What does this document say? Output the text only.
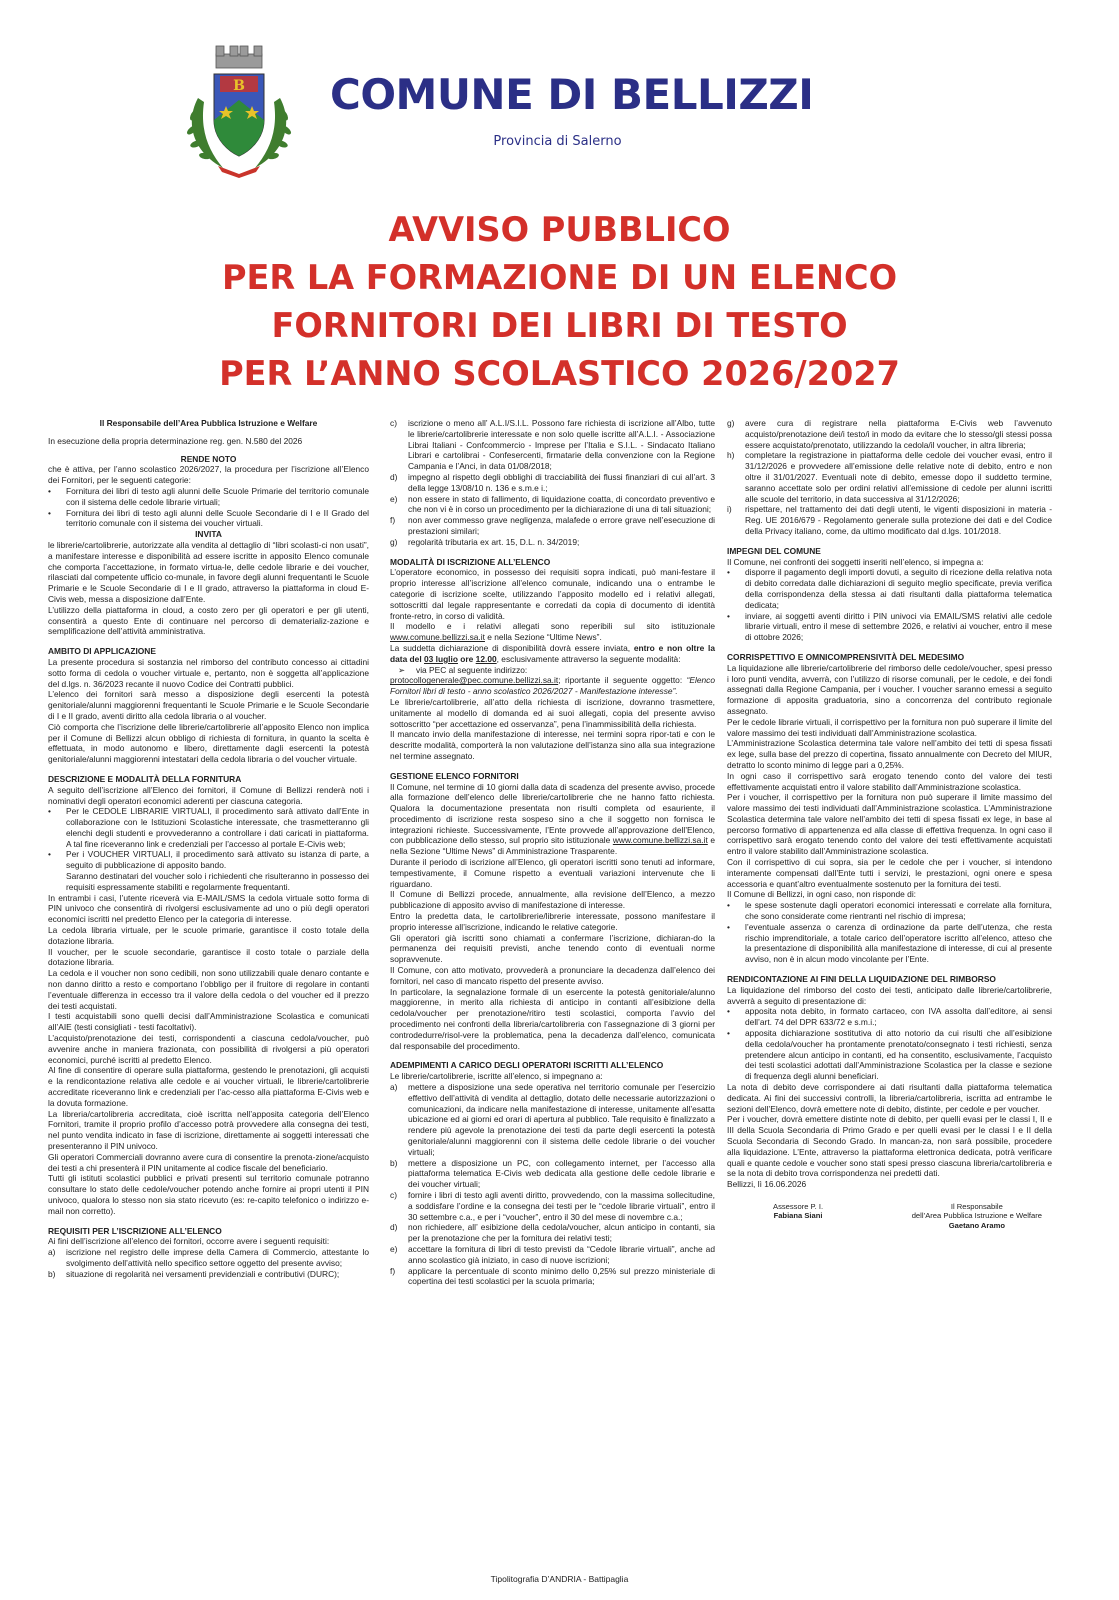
B COMUNE DI BELLIZZI
Provincia di Salerno
AVVISO PUBBLICO
PER LA FORMAZIONE DI UN ELENCO
FORNITORI DEI LIBRI DI TESTO
PER L’ANNO SCOLASTICO 2026/2027

Il Responsabile dell’Area Pubblica Istruzione e Welfare

In esecuzione della propria determinazione reg. gen. N.580 del 2026

RENDE NOTO

che è attiva, per l’anno scolastico 2026/2027, la procedura per l’iscrizione all’Elenco dei Fornitori, per le seguenti categorie:

•	Fornitura dei libri di testo agli alunni delle Scuole Primarie del territorio comunale con il sistema delle cedole librarie virtuali;
•	Fornitura dei libri di testo agli alunni delle Scuole Secondarie di I e II Grado del territorio comunale con il sistema dei voucher virtuali.

INVITA

le librerie/cartolibrerie, autorizzate alla vendita al dettaglio di “libri scolasti-ci non usati”, a manifestare interesse e disponibilità ad essere iscritte in apposito Elenco comunale che comporta l’accettazione, in formato virtua-le, delle cedole librarie e dei voucher, rilasciati dal competente ufficio co-munale, in favore degli alunni frequentanti le Scuole Primarie e le Scuole Secondarie di I e II grado, attraverso la piattaforma in cloud E-Civis web, messa a disposizione dall’Ente.

L’utilizzo della piattaforma in cloud, a costo zero per gli operatori e per gli utenti, consentirà a questo Ente di continuare nel percorso di dematerializ-zazione e semplificazione dell’attività amministrativa.

AMBITO DI APPLICAZIONE

La presente procedura si sostanzia nel rimborso del contributo concesso ai cittadini sotto forma di cedola o voucher virtuale e, pertanto, non è soggetta all’applicazione del d.lgs. n. 36/2023 recante il nuovo Codice dei Contratti pubblici.

L’elenco dei fornitori sarà messo a disposizione degli esercenti la potestà genitoriale/alunni maggiorenni frequentanti le Scuole Primarie e le Scuole Secondarie di I e II grado, aventi diritto alla cedola libraria o al voucher.

Ciò comporta che l’iscrizione delle librerie/cartolibrerie all’apposito Elenco non implica per il Comune di Bellizzi alcun obbligo di richiesta di fornitura, in quanto la scelta è effettuata, in modo autonomo e libero, direttamente dagli esercenti la potestà genitoriale/alunni maggiorenni intestatari della cedola libraria o del voucher virtuale.

DESCRIZIONE E MODALITÀ DELLA FORNITURA

A seguito dell’iscrizione all’Elenco dei fornitori, il Comune di Bellizzi renderà noti i nominativi degli operatori economici aderenti per ciascuna categoria.

•	Per le CEDOLE LIBRARIE VIRTUALI, il procedimento sarà attivato dall’Ente in collaborazione con le Istituzioni Scolastiche interessate, che trasmetteranno gli elenchi degli studenti e provvederanno a controllare i dati caricati in piattaforma. A tal fine riceveranno link e credenziali per l’accesso al portale E-Civis web;
•	Per i VOUCHER VIRTUALI, il procedimento sarà attivato su istanza di parte, a seguito di pubblicazione di apposito bando.

Saranno destinatari del voucher solo i richiedenti che risulteranno in possesso dei requisiti espressamente stabiliti e regolarmente frequentanti.

In entrambi i casi, l’utente riceverà via E-MAIL/SMS la cedola virtuale sotto forma di PIN univoco che consentirà di rivolgersi esclusivamente ad uno o più degli operatori economici iscritti nel predetto Elenco per la categoria di interesse.

La cedola libraria virtuale, per le scuole primarie, garantisce il costo totale della dotazione libraria.

Il voucher, per le scuole secondarie, garantisce il costo totale o parziale della dotazione libraria.

La cedola e il voucher non sono cedibili, non sono utilizzabili quale denaro contante e non danno diritto a resto e comportano l’obbligo per il fruitore di regolare in contanti l’eventuale differenza in eccesso tra il valore della cedola o del voucher ed il prezzo dei testi acquistati.

I testi acquistabili sono quelli decisi dall’Amministrazione Scolastica e comunicati all’AIE (testi consigliati - testi facoltativi).

L’acquisto/prenotazione dei testi, corrispondenti a ciascuna cedola/voucher, può avvenire anche in maniera frazionata, con possibilità di rivolgersi a più operatori economici, purché iscritti al predetto Elenco.

Al fine di consentire di operare sulla piattaforma, gestendo le prenotazioni, gli acquisti e la rendicontazione relativa alle cedole e ai voucher virtuali, le librerie/cartolibrerie accreditate riceveranno link e credenziali per l’ac-cesso alla piattaforma E-Civis web e la dovuta formazione.

La libreria/cartolibreria accreditata, cioè iscritta nell’apposita categoria dell’Elenco Fornitori, tramite il proprio profilo d’accesso potrà provvedere alla consegna dei testi, nel punto vendita indicato in fase di iscrizione, direttamente ai soggetti interessati che presenteranno il PIN univoco.

Gli operatori Commerciali dovranno avere cura di consentire la prenota-zione/acquisto dei testi a chi presenterà il PIN unitamente al codice fiscale del beneficiario.

Tutti gli istituti scolastici pubblici e privati presenti sul territorio comunale potranno consultare lo stato delle cedole/voucher potendo anche fornire ai propri utenti il PIN univoco, qualora lo stesso non sia stato ricevuto (es: re-capito telefonico o indirizzo e-mail non corretto).

REQUISITI PER L’ISCRIZIONE ALL’ELENCO

Ai fini dell’iscrizione all’elenco dei fornitori, occorre avere i seguenti requisiti:

a)	iscrizione nel registro delle imprese della Camera di Commercio, attestante lo svolgimento dell’attività nello specifico settore oggetto del presente avviso;
b)	situazione di regolarità nei versamenti previdenziali e contributivi (DURC);
c)	iscrizione o meno all’ A.L.I/S.I.L. Possono fare richiesta di iscrizione all’Albo, tutte le librerie/cartolibrerie interessate e non solo quelle iscritte all’A.L.I. - Associazione Librai Italiani - Confcommercio - Imprese per l’Italia e S.I.L. - Sindacato Italiano Librari e cartolibrai - Confesercenti, firmatarie della convenzione con la Regione Campania e l’Anci, in data 01/08/2018;
d)	impegno al rispetto degli obblighi di tracciabilità dei flussi finanziari di cui all’art. 3 della legge 13/08/10 n. 136 e s.m.e i.;
e)	non essere in stato di fallimento, di liquidazione coatta, di concordato preventivo e che non vi è in corso un procedimento per la dichiarazione di una di tali situazioni;
f)	non aver commesso grave negligenza, malafede o errore grave nell’esecuzione di prestazioni similari;
g)	regolarità tributaria ex art. 15, D.L. n. 34/2019;

MODALITÀ DI ISCRIZIONE ALL’ELENCO

L’operatore economico, in possesso dei requisiti sopra indicati, può mani-festare il proprio interesse all’iscrizione all’elenco comunale, indicando una o entrambe le categorie di iscrizione scelte, utilizzando l’apposito modello ed i relativi allegati, sottoscritti dal legale rappresentante e corredati da copia di documento di identità fronte-retro, in corso di validità.

Il modello e i relativi allegati sono reperibili sul sito istituzionale www.comune.bellizzi.sa.it e nella Sezione “Ultime News”.

La suddetta dichiarazione di disponibilità dovrà essere inviata, entro e non oltre la data del 03 luglio ore 12.00, esclusivamente attraverso la seguente modalità:

➢	via PEC al seguente indirizzo:

protocollogenerale@pec.comune.bellizzi.sa.it; riportante il seguente oggetto: “Elenco Fornitori libri di testo - anno scolastico 2026/2027 - Manifestazione interesse”.

Le librerie/cartolibrerie, all’atto della richiesta di iscrizione, dovranno trasmettere, unitamente al modello di domanda ed ai suoi allegati, copia del presente avviso sottoscritto “per accettazione ed osservanza”, pena l’inammissibilità della richiesta.

Il mancato invio della manifestazione di interesse, nei termini sopra ripor-tati e con le descritte modalità, comporterà la non valutazione dell’istanza sino alla sua integrazione nel termine assegnato.

GESTIONE ELENCO FORNITORI

Il Comune, nel termine di 10 giorni dalla data di scadenza del presente avviso, procede alla formazione dell’elenco delle librerie/cartolibrerie che ne hanno fatto richiesta. Qualora la documentazione presentata non risulti completa od esauriente, il procedimento di iscrizione resta sospeso sino a che il soggetto non fornisca le integrazioni richieste. Successivamente, l’Ente provvede all’approvazione dell’Elenco, con pubblicazione dello stesso, sul proprio sito istituzionale www.comune.bellizzi.sa.it e nella Sezione “Ultime News” di Amministrazione Trasparente.

Durante il periodo di iscrizione all’Elenco, gli operatori iscritti sono tenuti ad informare, tempestivamente, il Comune rispetto a eventuali variazioni intervenute che li riguardano.

Il Comune di Bellizzi procede, annualmente, alla revisione dell’Elenco, a mezzo pubblicazione di apposito avviso di manifestazione di interesse.

Entro la predetta data, le cartolibrerie/librerie interessate, possono manifestare il proprio interesse all’iscrizione, indicando le relative categorie.

Gli operatori già iscritti sono chiamati a confermare l’iscrizione, dichiaran-do la permanenza dei requisiti previsti, anche tenendo conto di eventuali norme sopravvenute.

Il Comune, con atto motivato, provvederà a pronunciare la decadenza dall’elenco dei fornitori, nel caso di mancato rispetto del presente avviso.

In particolare, la segnalazione formale di un esercente la potestà genitoriale/alunno maggiorenne, in merito alla richiesta di anticipo in contanti all’esibizione della cedola/voucher per prenotazione/ritiro testi scolastici, comporta l’avvio del procedimento nei confronti della libreria/cartolibreria con l’assegnazione di 3 giorni per controdedurre/risol-vere la problematica, pena la decadenza dall’elenco, comunicata dal responsabile del procedimento.

ADEMPIMENTI A CARICO DEGLI OPERATORI ISCRITTI ALL’ELENCO

Le librerie/cartolibrerie, iscritte all’elenco, si impegnano a:

a)	mettere a disposizione una sede operativa nel territorio comunale per l’esercizio effettivo dell’attività di vendita al dettaglio, dotato delle necessarie autorizzazioni o comunicazioni, da indicare nella manifestazione di interesse, unitamente all’esatta ubicazione ed ai giorni ed orari di apertura al pubblico. Tale requisito è finalizzato a rendere più agevole la prenotazione dei testi da parte degli esercenti la potestà genitoriale/alunni maggiorenni con il sistema delle cedole librarie o dei voucher virtuali;
b)	mettere a disposizione un PC, con collegamento internet, per l’accesso alla piattaforma telematica E-Civis web dedicata alla gestione delle cedole librarie e dei voucher virtuali;
c)	fornire i libri di testo agli aventi diritto, provvedendo, con la massima sollecitudine, a soddisfare l’ordine e la consegna dei testi per le “cedole librarie virtuali”, entro il 30 settembre c.a., e per i “voucher”, entro il 30 del mese di novembre c.a.;
d)	non richiedere, all’ esibizione della cedola/voucher, alcun anticipo in contanti, sia per la prenotazione che per la fornitura dei relativi testi;
e)	accettare la fornitura di libri di testo previsti da “Cedole librarie virtuali”, anche ad anno scolastico già iniziato, in caso di nuove iscrizioni;
f)	applicare la percentuale di sconto minimo dello 0,25% sul prezzo ministeriale di copertina dei testi scolastici per la scuola primaria;
g)	avere cura di registrare nella piattaforma E-Civis web l’avvenuto acquisto/prenotazione dei/i testo/i in modo da evitare che lo stesso/gli stessi possa essere acquistato/prenotato, utilizzando la cedola/il voucher, in altra libreria;
h)	completare la registrazione in piattaforma delle cedole dei voucher evasi, entro il 31/12/2026 e provvedere all’emissione delle relative note di debito, entro e non oltre il 31/01/2027. Eventuali note di debito, emesse dopo il suddetto termine, saranno accettate solo per ordini relativi all’emissione di cedole per alunni iscritti alle scuole del territorio, in data successiva al 31/12/2026;
i)	rispettare, nel trattamento dei dati degli utenti, le vigenti disposizioni in materia - Reg. UE 2016/679 - Regolamento generale sulla protezione dei dati e del Codice della Privacy italiano, come, da ultimo modificato dal d.lgs. 101/2018.

IMPEGNI DEL COMUNE

Il Comune, nei confronti dei soggetti inseriti nell’elenco, si impegna a:

•	disporre il pagamento degli importi dovuti, a seguito di ricezione della relativa nota di debito corredata dalle dichiarazioni di seguito meglio specificate, previa verifica della corrispondenza della stessa ai dati risultanti dalla piattaforma telematica dedicata;
•	inviare, ai soggetti aventi diritto i PIN univoci via EMAIL/SMS relativi alle cedole librarie virtuali, entro il mese di settembre 2026, e relativi ai voucher, entro il mese di ottobre 2026;

CORRISPETTIVO E OMNICOMPRENSIVITÀ DEL MEDESIMO

La liquidazione alle librerie/cartolibrerie del rimborso delle cedole/voucher, spesi presso i loro punti vendita, avverrà, con l’utilizzo di risorse comunali, per le cedole, e dei fondi assegnati dalla Regione Campania, per i voucher. I voucher saranno emessi a seguito formazione di apposita graduatoria, sino a concorrenza del contributo regionale assegnato.

Per le cedole librarie virtuali, il corrispettivo per la fornitura non può superare il limite del valore massimo dei testi individuati dall’Amministrazione scolastica.

L’Amministrazione Scolastica determina tale valore nell’ambito dei tetti di spesa fissati ex lege, sulla base del prezzo di copertina, fissato annualmente con Decreto del MIUR, detratto lo sconto minimo di legge pari a 0,25%.

In ogni caso il corrispettivo sarà erogato tenendo conto del valore dei testi effettivamente acquistati entro il valore stabilito dall’Amministrazione scolastica.

Per i voucher, il corrispettivo per la fornitura non può superare il limite massimo del valore massimo dei testi individuati dall’Amministrazione scolastica. L’Amministrazione Scolastica determina tale valore nell’ambito dei tetti di spesa fissati ex lege, in base al percorso formativo di appartenenza ed alla classe di effettiva frequenza. In ogni caso il corrispettivo sarà erogato tenendo conto del valore dei testi effettivamente acquistati entro il valore stabilito dall’Amministrazione scolastica.

Con il corrispettivo di cui sopra, sia per le cedole che per i voucher, si intendono interamente compensati dall’Ente tutti i servizi, le prestazioni, ogni onere e spesa accessoria e quant’altro eventualmente sostenuto per la fornitura dei testi.

Il Comune di Bellizzi, in ogni caso, non risponde di:

•	le spese sostenute dagli operatori economici interessati e correlate alla fornitura, che sono considerate come rientranti nel rischio di impresa;
•	l’eventuale assenza o carenza di ordinazione da parte dell’utenza, che resta rischio imprenditoriale, a totale carico dell’operatore iscritto all’elenco, atteso che la presentazione di disponibilità alla manifestazione di interesse, di cui al presente avviso, non è in alcun modo vincolante per l’Ente.

RENDICONTAZIONE AI FINI DELLA LIQUIDAZIONE DEL RIMBORSO

La liquidazione del rimborso del costo dei testi, anticipato dalle librerie/cartolibrerie, avverrà a seguito di presentazione di:

•	apposita nota debito, in formato cartaceo, con IVA assolta dall’editore, ai sensi dell’art. 74 del DPR 633/72 e s.m.i.;
•	apposita dichiarazione sostitutiva di atto notorio da cui risulti che all’esibizione della cedola/voucher ha prontamente prenotato/consegnato i testi richiesti, senza pretendere alcun anticipo in contanti, ed ha consentito, esclusivamente, l’acquisto dei testi scolastici adottati dall’Amministrazione Scolastica per la classe e sezione di frequenza degli alunni beneficiari.

La nota di debito deve corrispondere ai dati risultanti dalla piattaforma telematica dedicata. Ai fini dei successivi controlli, la libreria/cartolibreria, iscritta ad entrambe le sezioni dell’Elenco, dovrà emettere note di debito, distinte, per cedole e per voucher.

Per i voucher, dovrà emettere distinte note di debito, per quelli evasi per le classi I, II e III della Scuola Secondaria di Primo Grado e per quelli evasi per le classi I e II della Scuola Secondaria di Secondo Grado. In mancan-za, non sarà possibile, procedere alla liquidazione. L’Ente, attraverso la piattaforma elettronica dedicata, potrà verificare quali e quante cedole e voucher sono stati spesi presso ciascuna libreria/cartolibreria e se la nota di debito trova corrispondenza nei predetti dati.

Bellizzi, lì 16.06.2026

Assessore P. I.
Fabiana Siani
Il Responsabile
dell’Area Pubblica Istruzione e Welfare
Gaetano Aramo
Tipolitografia D’ANDRIA - Battipaglia
